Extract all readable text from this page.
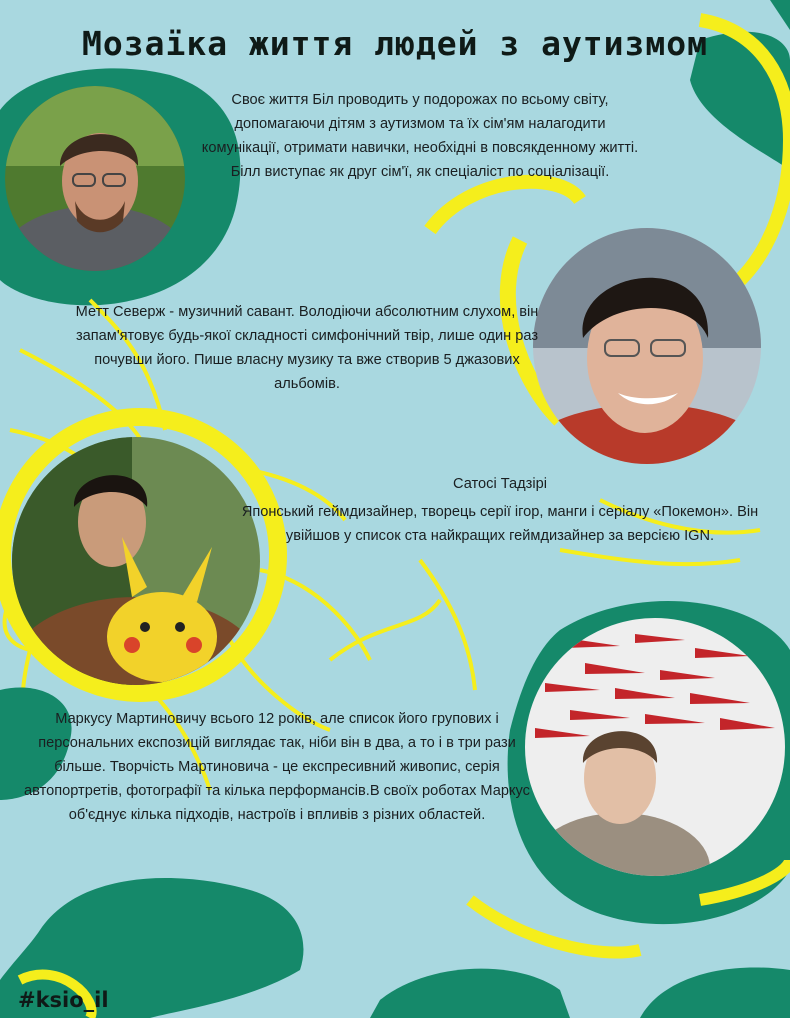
Мозаїка життя людей з аутизмом

Своє життя Біл проводить у подорожах по всьому світу, допомагаючи дітям з аутизмом та їх сім'ям налагодити комунікації, отримати навички, необхідні в повсякденному житті. Білл виступає як друг сім'ї, як спеціаліст по соціалізації.

Метт Северж - музичний савант. Володіючи абсолютним слухом, він запам'ятовує будь-якої складності симфонічний твір, лише один раз почувши його. Пише власну музику та вже створив 5 джазових альбомів.

Сатосі Тадзірі

Японський геймдизайнер, творець серії ігор, манги і серіалу «Покемон». Він увійшов у список ста найкращих геймдизайнер за версією IGN.

Маркусу Мартиновичу всього 12 років, але список його групових і персональних експозицій виглядає так, ніби він в два, а то і в три рази більше. Творчість Мартиновича - це експресивний живопис, серія автопортретів, фотографії та кілька перформансів.В своїх роботах Маркус об'єднує кілька підходів, настроїв і впливів з різних областей.

#ksio_il
